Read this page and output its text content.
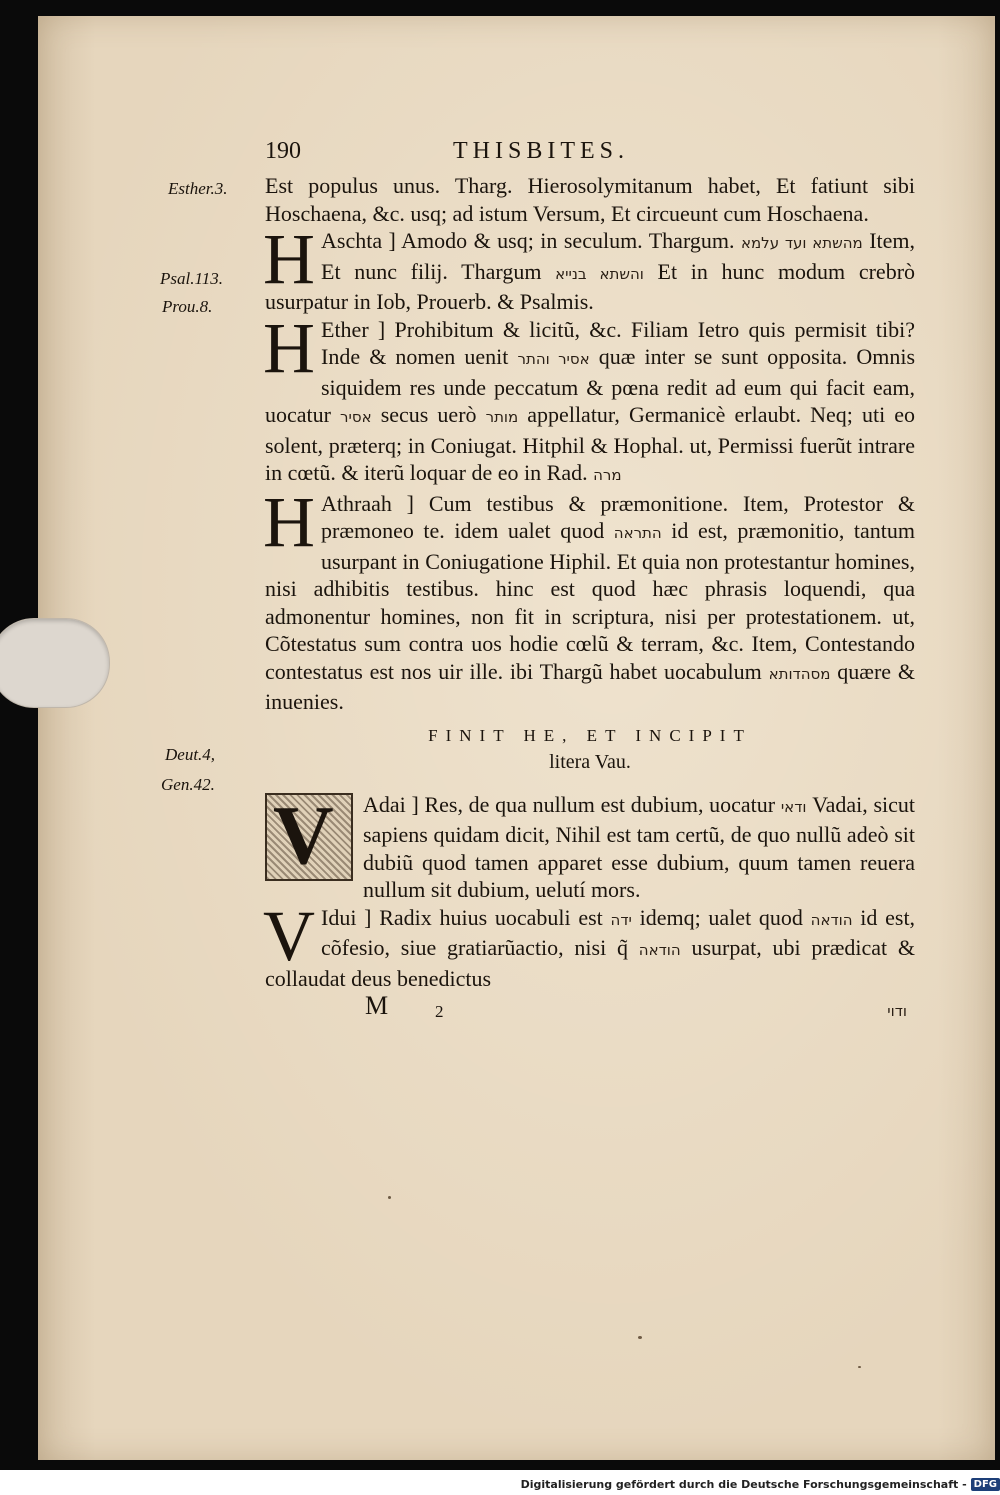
190	THISBITES.
Esther.3.
Psal.113.
Prou.8.
Deut.4,
Gen.42.

Est populus unus. Tharg. Hierosolymitanum habet, Et fatiunt sibi Hoschaena, &c. usq; ad istum Versum, Et circueunt cum Hoschaena.

H Aschta ] Amodo & usq; in seculum. Thargum. מהשתא ועד עלמא Item, Et nunc filij. Thargum והשתא בנייא Et in hunc modum crebrò usurpatur in Iob, Prouerb. & Psalmis.

H Ether ] Prohibitum & licitũ, &c. Filiam Ietro quis permisit tibi? Inde & nomen uenit אסיר והתר quæ inter se sunt opposita. Omnis siquidem res unde peccatum & pœna redit ad eum qui facit eam, uocatur אסיר secus uerò מותר appellatur, Germanicè erlaubt. Neq; uti eo solent, præterq; in Coniugat. Hitphil & Hophal. ut, Permissi fuerũt intrare in cœtũ. & iterũ loquar de eo in Rad. מרה

H Athraah ] Cum testibus & præmonitione. Item, Protestor & præmoneo te. idem ualet quod התראה id est, præmonitio, tantum usurpant in Coniugatione Hiphil. Et quia non protestantur homines, nisi adhibitis testibus. hinc est quod hæc phrasis loquendi, qua admonentur homines, non fit in scriptura, nisi per protestationem. ut, Cõtestatus sum contra uos hodie cœlũ & terram, &c. Item, Contestando contestatus est nos uir ille. ibi Thargũ habet uocabulum מסהדותא quære & inuenies.

FINIT HE, ET INCIPIT
litera Vau.

V Adai ] Res, de qua nullum est dubium, uocatur ודאי Vadai, sicut sapiens quidam dicit, Nihil est tam certũ, de quo nullũ adeò sit dubiũ quod tamen apparet esse dubium, quum tamen reuera nullum sit dubium, uelutí mors.

V Idui ] Radix huius uocabuli est ידה idemq; ualet quod הודאה id est, cõfesio, siue gratiarũactio, nisi q̃ הודאה usurpat, ubi prædicat & collaudat deus benedictus

M	2	ודוי
Digitalisierung gefördert durch die Deutsche Forschungsgemeinschaft - DFG
